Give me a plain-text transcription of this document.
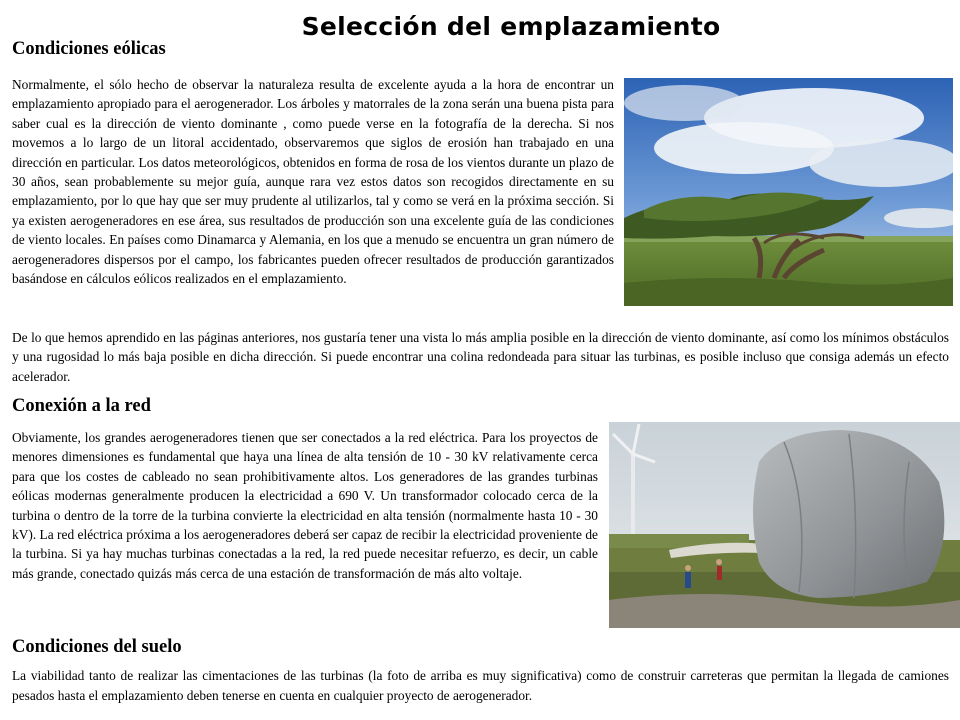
Selección del emplazamiento
Condiciones eólicas
Normalmente, el sólo hecho de observar la naturaleza resulta de excelente ayuda a la hora de encontrar un emplazamiento apropiado para el aerogenerador. Los árboles y matorrales de la zona serán una buena pista para saber cual es la dirección de viento dominante , como puede verse en la fotografía de la derecha. Si nos movemos a lo largo de un litoral accidentado, observaremos que siglos de erosión han trabajado en una dirección en particular. Los datos meteorológicos, obtenidos en forma de rosa de los vientos durante un plazo de 30 años, sean probablemente su mejor guía, aunque rara vez estos datos son recogidos directamente en su emplazamiento, por lo que hay que ser muy prudente al utilizarlos, tal y como se verá en la próxima sección. Si ya existen aerogeneradores en ese área, sus resultados de producción son una excelente guía de las condiciones de viento locales. En países como Dinamarca y Alemania, en los que a menudo se encuentra un gran número de aerogeneradores dispersos por el campo, los fabricantes pueden ofrecer resultados de producción garantizados basándose en cálculos eólicos realizados en el emplazamiento.
De lo que hemos aprendido en las páginas anteriores, nos gustaría tener una vista lo más amplia posible en la dirección de viento dominante, así como los mínimos obstáculos y una rugosidad lo más baja posible en dicha dirección. Si puede encontrar una colina redondeada para situar las turbinas, es posible incluso que consiga además un efecto acelerador.
Conexión a la red
Obviamente, los grandes aerogeneradores tienen que ser conectados a la red eléctrica. Para los proyectos de menores dimensiones es fundamental que haya una línea de alta tensión de 10 - 30 kV relativamente cerca para que los costes de cableado no sean prohibitivamente altos. Los generadores de las grandes turbinas eólicas modernas generalmente producen la electricidad a 690 V. Un transformador colocado cerca de la turbina o dentro de la torre de la turbina convierte la electricidad en alta tensión (normalmente hasta 10 - 30 kV). La red eléctrica próxima a los aerogeneradores deberá ser capaz de recibir la electricidad proveniente de la turbina. Si ya hay muchas turbinas conectadas a la red, la red puede necesitar refuerzo, es decir, un cable más grande, conectado quizás más cerca de una estación de transformación de más alto voltaje.
Condiciones del suelo
La viabilidad tanto de realizar las cimentaciones de las turbinas (la foto de arriba es muy significativa) como de construir carreteras que permitan la llegada de camiones pesados hasta el emplazamiento deben tenerse en cuenta en cualquier proyecto de aerogenerador.
